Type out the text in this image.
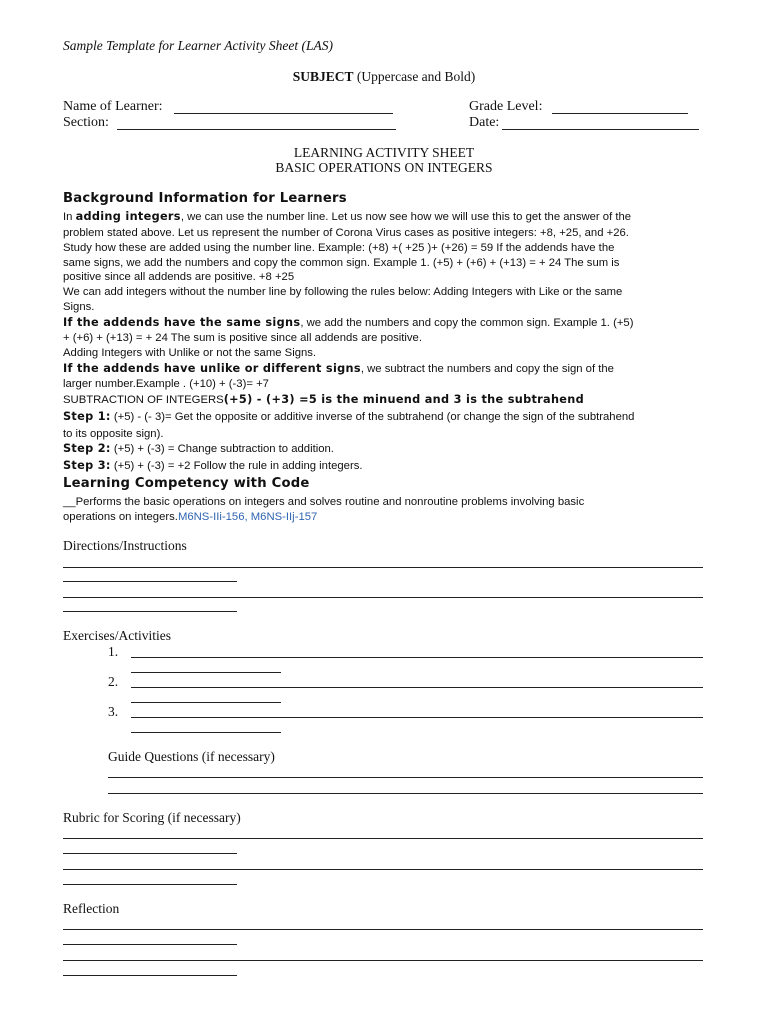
Sample Template for Learner Activity Sheet (LAS)
SUBJECT (Uppercase and Bold)
Name of Learner:
Section:
Grade Level:
Date:
LEARNING ACTIVITY SHEET
BASIC OPERATIONS ON INTEGERS
Background Information for Learners
In adding integers, we can use the number line. Let us now see how we will use this to get the answer of the
problem stated above. Let us represent the number of Corona Virus cases as positive integers: +8, +25, and +26.
Study how these are added using the number line. Example: (+8) +( +25 )+ (+26) = 59 If the addends have the
same signs, we add the numbers and copy the common sign. Example 1. (+5) + (+6) + (+13) = + 24 The sum is
positive since all addends are positive. +8 +25
We can add integers without the number line by following the rules below: Adding Integers with Like or the same
Signs.
If the addends have the same signs, we add the numbers and copy the common sign. Example 1. (+5)
+ (+6) + (+13) = + 24 The sum is positive since all addends are positive.
Adding Integers with Unlike or not the same Signs.
If the addends have unlike or different signs, we subtract the numbers and copy the sign of the
larger number.Example . (+10) + (-3)= +7
SUBTRACTION OF INTEGERS(+5) - (+3) =5 is the minuend and 3 is the subtrahend
Step 1: (+5) - (- 3)= Get the opposite or additive inverse of the subtrahend (or change the sign of the subtrahend
to its opposite sign).
Step 2: (+5) + (-3) = Change subtraction to addition.
Step 3: (+5) + (-3) = +2 Follow the rule in adding integers.
Learning Competency with Code
__Performs the basic operations on integers and solves routine and nonroutine problems involving basic
operations on integers.M6NS-IIi-156, M6NS-IIj-157
Directions/Instructions
Exercises/Activities
1.
2.
3.
Guide Questions (if necessary)
Rubric for Scoring (if necessary)
Reflection
